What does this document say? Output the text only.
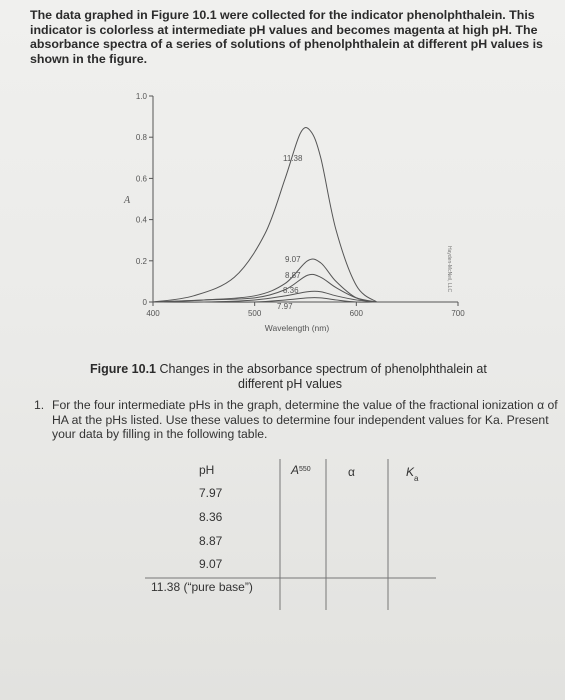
The data graphed in Figure 10.1 were collected for the indicator phenolphthalein. This indicator is colorless at intermediate pH values and becomes magenta at high pH. The absorbance spectra of a series of solutions of phenolphthalein at different pH values is shown in the figure.
1.0
0.8
0.6
0.4
0.2
0
400	500	600	700
A
Wavelength (nm)
11.38
9.07
8.87
8.36
7.97
Hayden-McNeil, LLC
pH	$A^{550}$	α	$K_a$
7.97
8.36
8.87
9.07
11.38 (“pure base”)
Figure 10.1 Changes in the absorbance spectrum of phenolphthalein at
different pH values
1. For the four intermediate pHs in the graph, determine the value of the fractional ionization α of HA at the pHs listed. Use these values to determine four independent values for Ka. Present your data by filling in the following table.
